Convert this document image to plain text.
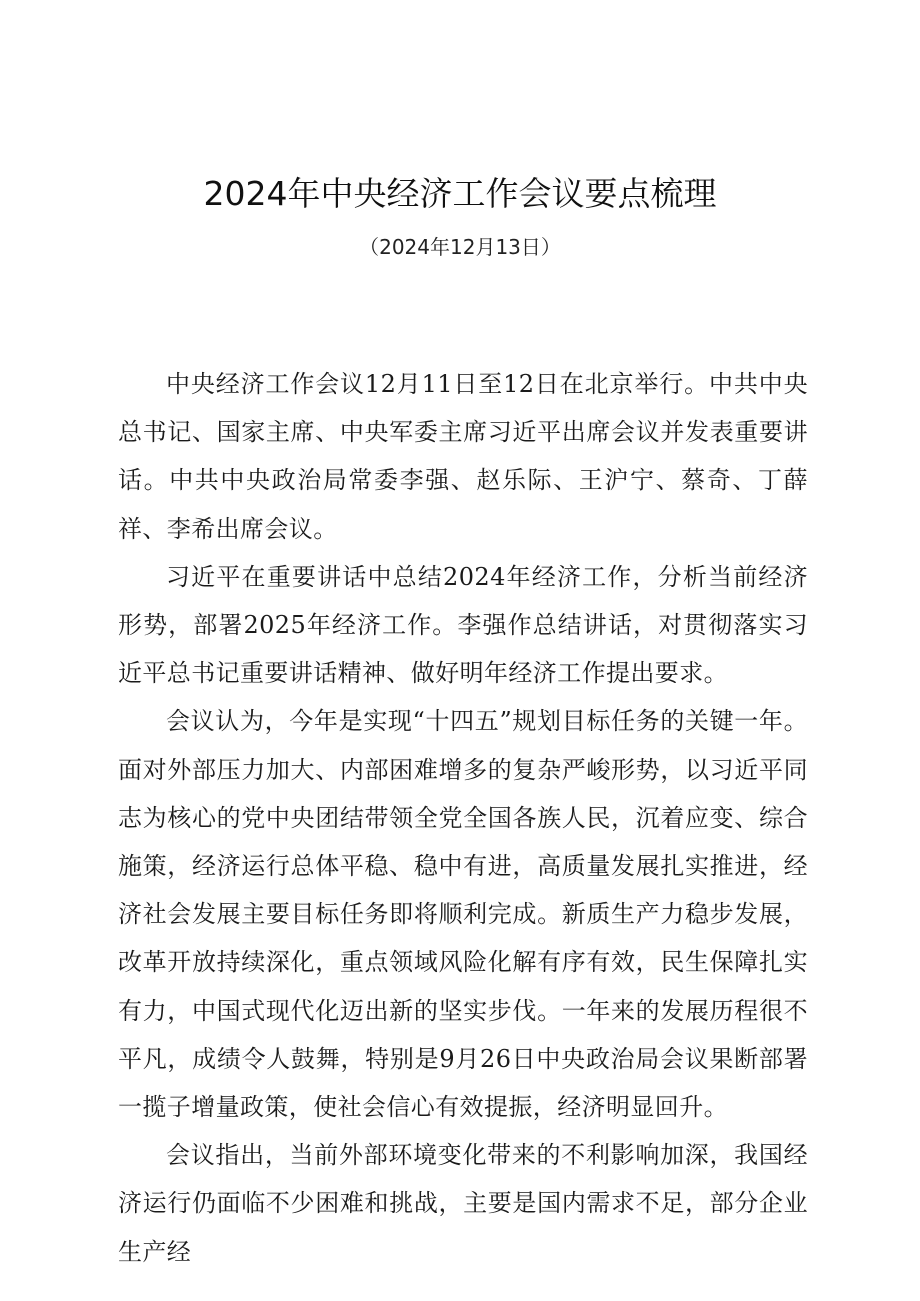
2024年中央经济工作会议要点梳理
（2024年12月13日）

中央经济工作会议12月11日至12日在北京举行。中共中央总书记、国家主席、中央军委主席习近平出席会议并发表重要讲话。中共中央政治局常委李强、赵乐际、王沪宁、蔡奇、丁薛祥、李希出席会议。

习近平在重要讲话中总结2024年经济工作，分析当前经济形势，部署2025年经济工作。李强作总结讲话，对贯彻落实习近平总书记重要讲话精神、做好明年经济工作提出要求。

会议认为，今年是实现“十四五”规划目标任务的关键一年。面对外部压力加大、内部困难增多的复杂严峻形势，以习近平同志为核心的党中央团结带领全党全国各族人民，沉着应变、综合施策，经济运行总体平稳、稳中有进，高质量发展扎实推进，经济社会发展主要目标任务即将顺利完成。新质生产力稳步发展，改革开放持续深化，重点领域风险化解有序有效，民生保障扎实有力，中国式现代化迈出新的坚实步伐。一年来的发展历程很不平凡，成绩令人鼓舞，特别是9月26日中央政治局会议果断部署一揽子增量政策，使社会信心有效提振，经济明显回升。

会议指出，当前外部环境变化带来的不利影响加深，我国经济运行仍面临不少困难和挑战，主要是国内需求不足，部分企业生产经
